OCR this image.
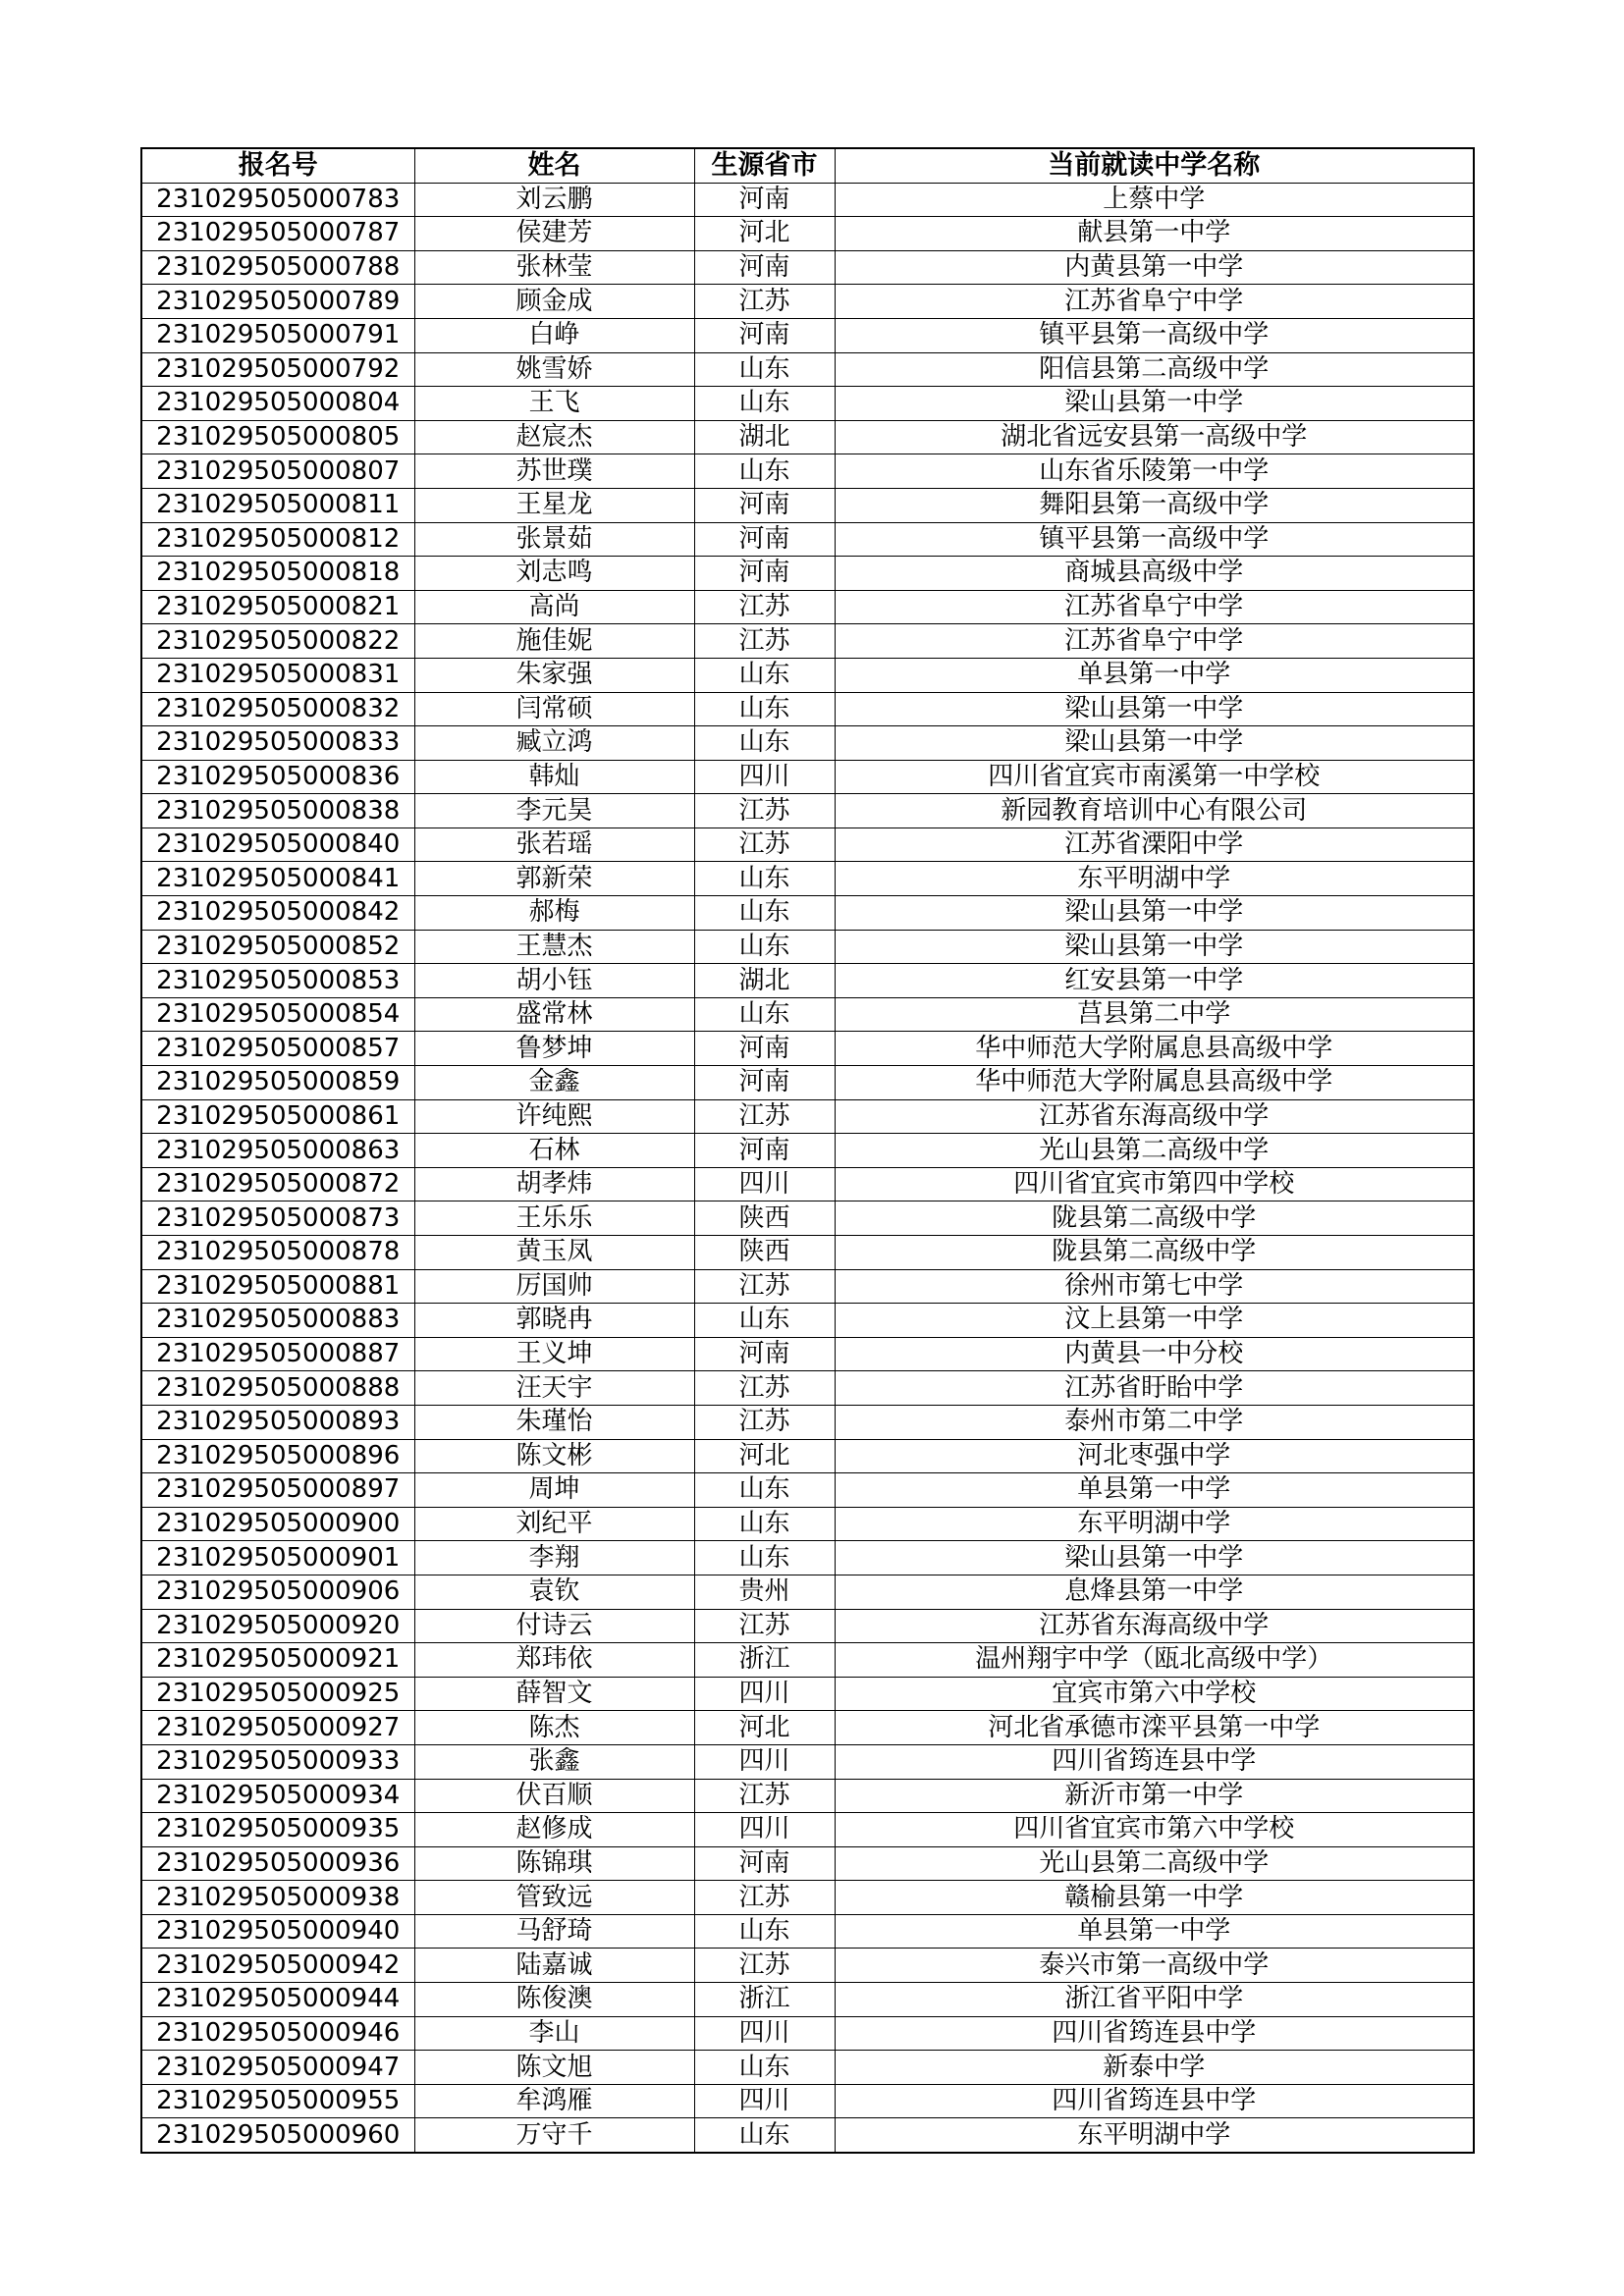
报名号	姓名	生源省市	当前就读中学名称
231029505000783	刘云鹏	河南	上蔡中学
231029505000787	侯建芳	河北	献县第一中学
231029505000788	张林莹	河南	内黄县第一中学
231029505000789	顾金成	江苏	江苏省阜宁中学
231029505000791	白峥	河南	镇平县第一高级中学
231029505000792	姚雪娇	山东	阳信县第二高级中学
231029505000804	王飞	山东	梁山县第一中学
231029505000805	赵宸杰	湖北	湖北省远安县第一高级中学
231029505000807	苏世璞	山东	山东省乐陵第一中学
231029505000811	王星龙	河南	舞阳县第一高级中学
231029505000812	张景茹	河南	镇平县第一高级中学
231029505000818	刘志鸣	河南	商城县高级中学
231029505000821	高尚	江苏	江苏省阜宁中学
231029505000822	施佳妮	江苏	江苏省阜宁中学
231029505000831	朱家强	山东	单县第一中学
231029505000832	闫常硕	山东	梁山县第一中学
231029505000833	臧立鸿	山东	梁山县第一中学
231029505000836	韩灿	四川	四川省宜宾市南溪第一中学校
231029505000838	李元昊	江苏	新园教育培训中心有限公司
231029505000840	张若瑶	江苏	江苏省溧阳中学
231029505000841	郭新荣	山东	东平明湖中学
231029505000842	郝梅	山东	梁山县第一中学
231029505000852	王慧杰	山东	梁山县第一中学
231029505000853	胡小钰	湖北	红安县第一中学
231029505000854	盛常林	山东	莒县第二中学
231029505000857	鲁梦坤	河南	华中师范大学附属息县高级中学
231029505000859	金鑫	河南	华中师范大学附属息县高级中学
231029505000861	许纯熙	江苏	江苏省东海高级中学
231029505000863	石林	河南	光山县第二高级中学
231029505000872	胡孝炜	四川	四川省宜宾市第四中学校
231029505000873	王乐乐	陕西	陇县第二高级中学
231029505000878	黄玉凤	陕西	陇县第二高级中学
231029505000881	厉国帅	江苏	徐州市第七中学
231029505000883	郭晓冉	山东	汶上县第一中学
231029505000887	王义坤	河南	内黄县一中分校
231029505000888	汪天宇	江苏	江苏省盱眙中学
231029505000893	朱瑾怡	江苏	泰州市第二中学
231029505000896	陈文彬	河北	河北枣强中学
231029505000897	周坤	山东	单县第一中学
231029505000900	刘纪平	山东	东平明湖中学
231029505000901	李翔	山东	梁山县第一中学
231029505000906	袁钦	贵州	息烽县第一中学
231029505000920	付诗云	江苏	江苏省东海高级中学
231029505000921	郑玮依	浙江	温州翔宇中学（瓯北高级中学）
231029505000925	薛智文	四川	宜宾市第六中学校
231029505000927	陈杰	河北	河北省承德市滦平县第一中学
231029505000933	张鑫	四川	四川省筠连县中学
231029505000934	伏百顺	江苏	新沂市第一中学
231029505000935	赵修成	四川	四川省宜宾市第六中学校
231029505000936	陈锦琪	河南	光山县第二高级中学
231029505000938	管致远	江苏	赣榆县第一中学
231029505000940	马舒琦	山东	单县第一中学
231029505000942	陆嘉诚	江苏	泰兴市第一高级中学
231029505000944	陈俊澳	浙江	浙江省平阳中学
231029505000946	李山	四川	四川省筠连县中学
231029505000947	陈文旭	山东	新泰中学
231029505000955	牟鸿雁	四川	四川省筠连县中学
231029505000960	万守千	山东	东平明湖中学
